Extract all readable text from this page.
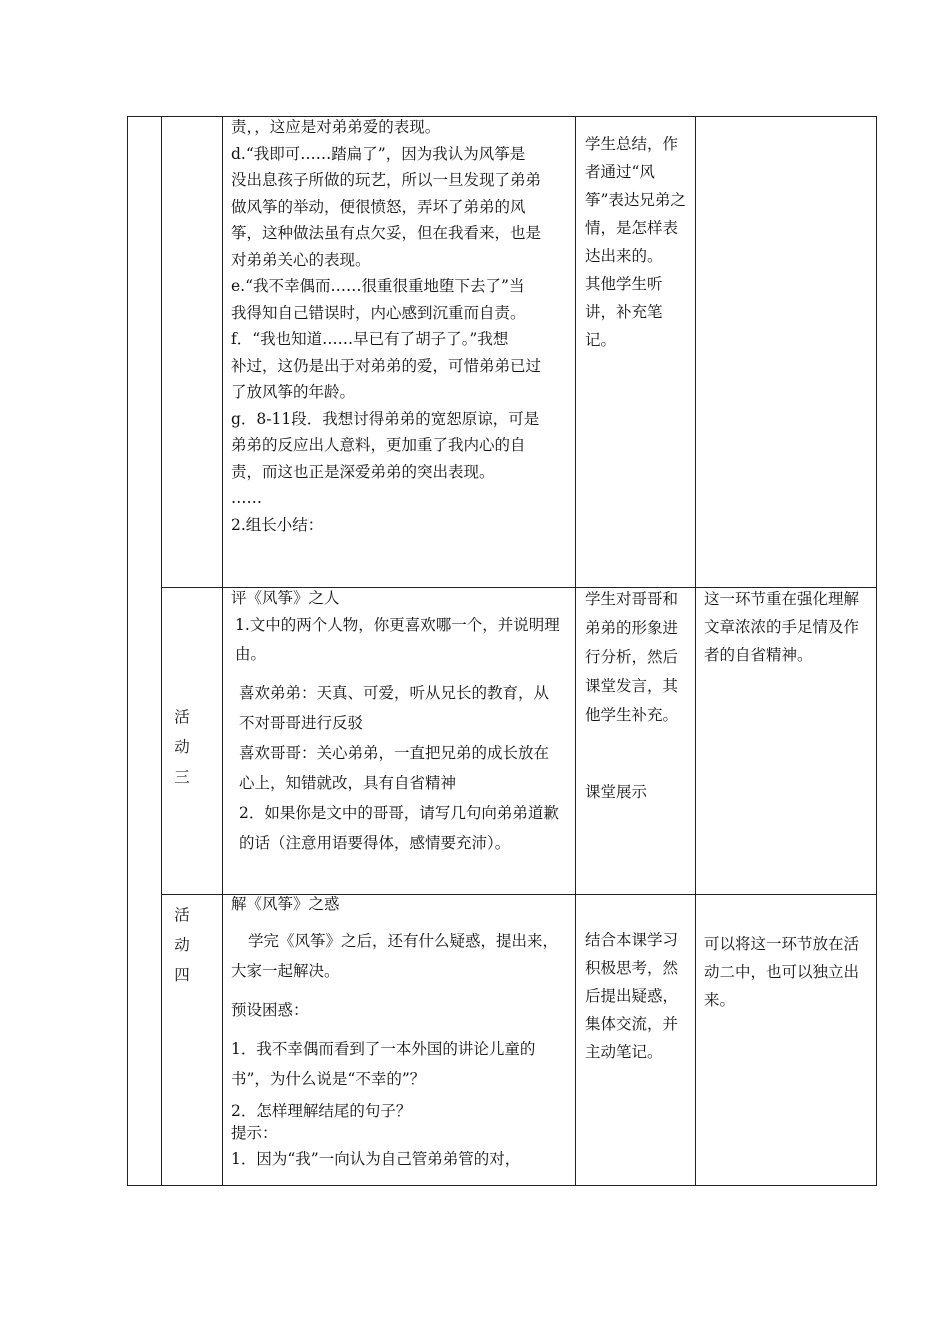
责，，这应是对弟弟爱的表现。

d.“我即可……踏扁了”，因为我认为风筝是

没出息孩子所做的玩艺，所以一旦发现了弟弟

做风筝的举动，便很愤怒，弄坏了弟弟的风

筝，这种做法虽有点欠妥，但在我看来，也是

对弟弟关心的表现。

e.“我不幸偶而……很重很重地堕下去了”当

我得知自己错误时，内心感到沉重而自责。

f．“我也知道……早已有了胡子了。”我想

补过，这仍是出于对弟弟的爱，可惜弟弟已过

了放风筝的年龄。

g．8-11段．我想讨得弟弟的宽恕原谅，可是

弟弟的反应出人意料，更加重了我内心的自

责，而这也正是深爱弟弟的突出表现。

……

2.组长小结：

学生总结，作者通过“风筝”表达兄弟之情，是怎样表达出来的。

其他学生听讲，补充笔记。

活
动
三

评《风筝》之人

1.文中的两个人物，你更喜欢哪一个，并说明理由。

喜欢弟弟：天真、可爱，听从兄长的教育，从不对哥哥进行反驳

喜欢哥哥：关心弟弟，一直把兄弟的成长放在心上，知错就改，具有自省精神

2．如果你是文中的哥哥，请写几句向弟弟道歉的话（注意用语要得体，感情要充沛）。

学生对哥哥和弟弟的形象进行分析，然后课堂发言，其他学生补充。

课堂展示

这一环节重在强化理解文章浓浓的手足情及作者的自省精神。

活
动
四

解《风筝》之惑

学完《风筝》之后，还有什么疑惑，提出来，大家一起解决。

预设困惑：

1．我不幸偶而看到了一本外国的讲论儿童的书”，为什么说是“不幸的”？

2．怎样理解结尾的句子？

提示：

1．因为“我”一向认为自己管弟弟管的对，

结合本课学习积极思考，然后提出疑惑，集体交流，并主动笔记。

可以将这一环节放在活动二中，也可以独立出来。
